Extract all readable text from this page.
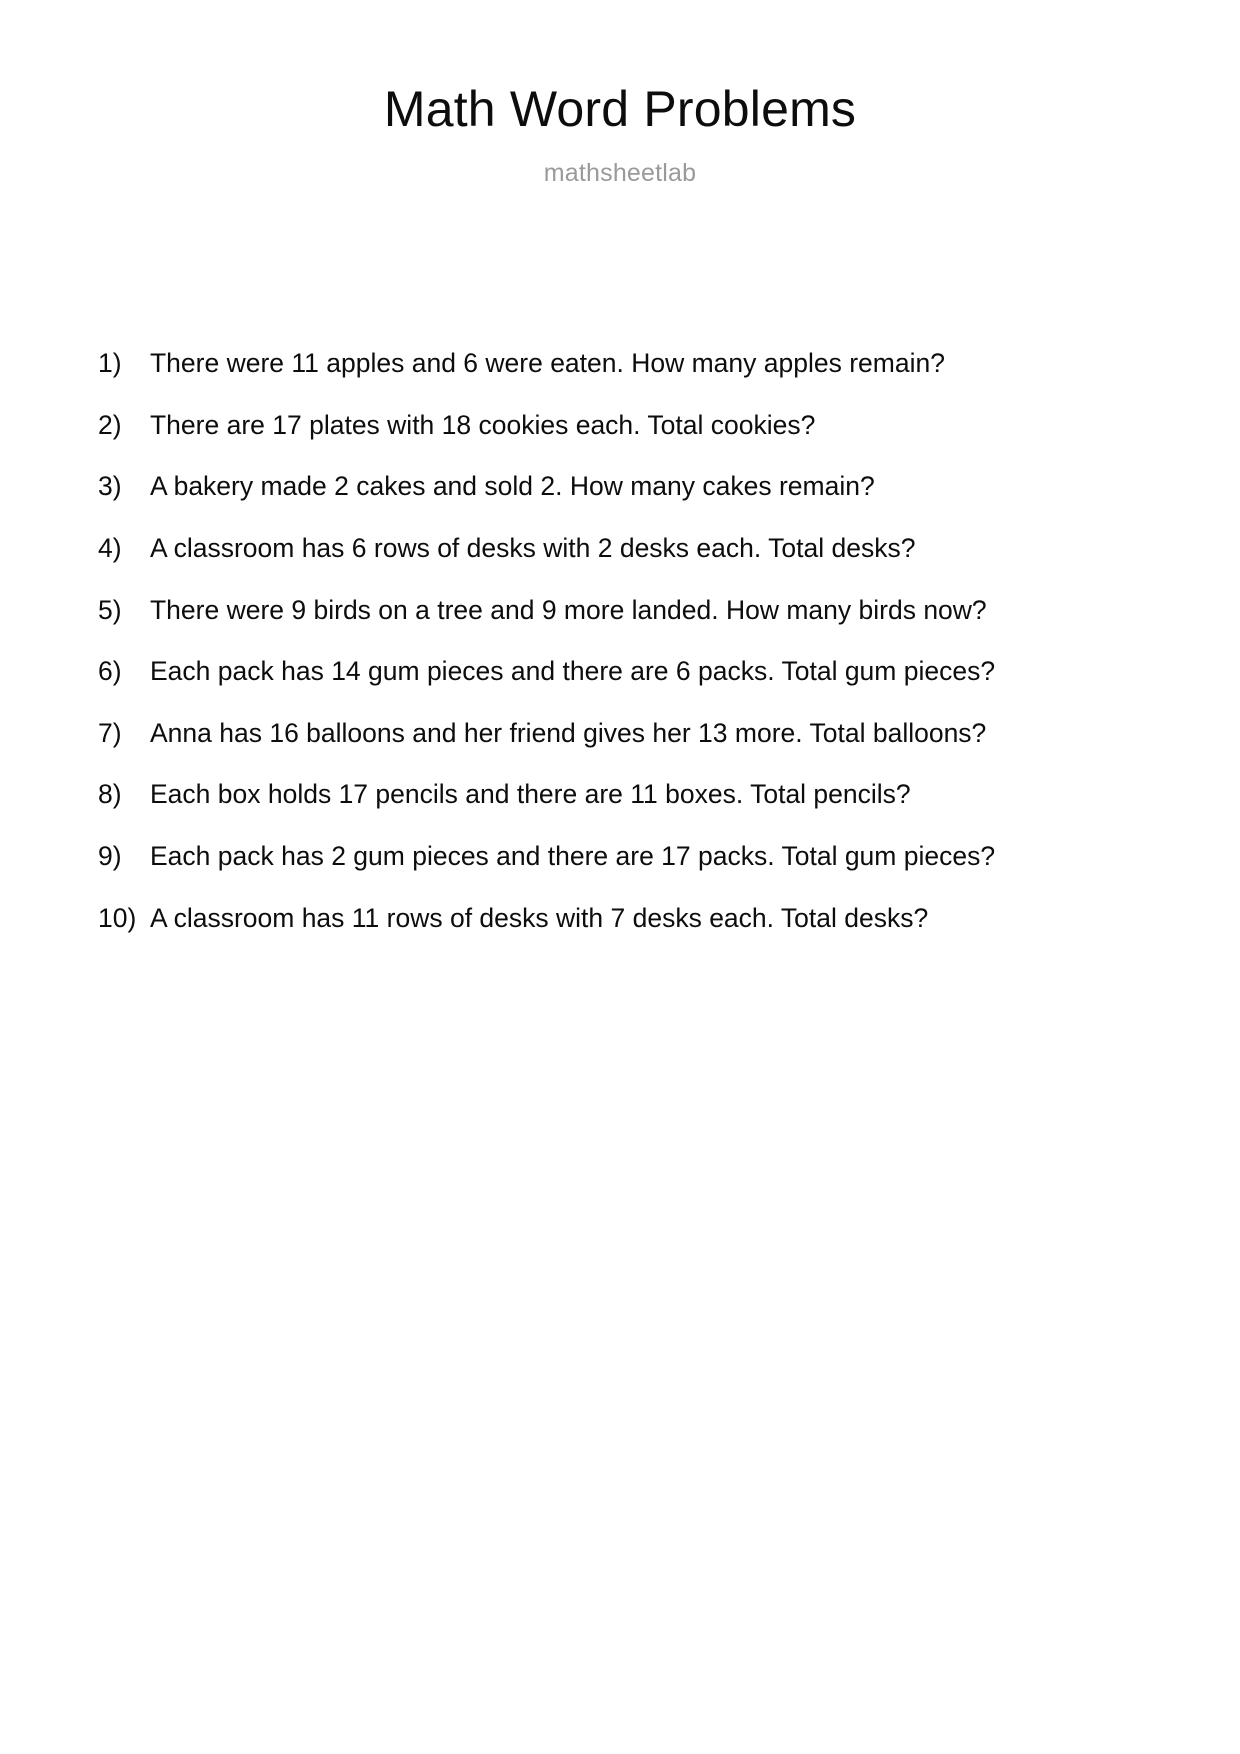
Math Word Problems

mathsheetlab

1)	There were 11 apples and 6 were eaten. How many apples remain?
2)	There are 17 plates with 18 cookies each. Total cookies?
3)	A bakery made 2 cakes and sold 2. How many cakes remain?
4)	A classroom has 6 rows of desks with 2 desks each. Total desks?
5)	There were 9 birds on a tree and 9 more landed. How many birds now?
6)	Each pack has 14 gum pieces and there are 6 packs. Total gum pieces?
7)	Anna has 16 balloons and her friend gives her 13 more. Total balloons?
8)	Each box holds 17 pencils and there are 11 boxes. Total pencils?
9)	Each pack has 2 gum pieces and there are 17 packs. Total gum pieces?
10) A classroom has 11 rows of desks with 7 desks each. Total desks?
